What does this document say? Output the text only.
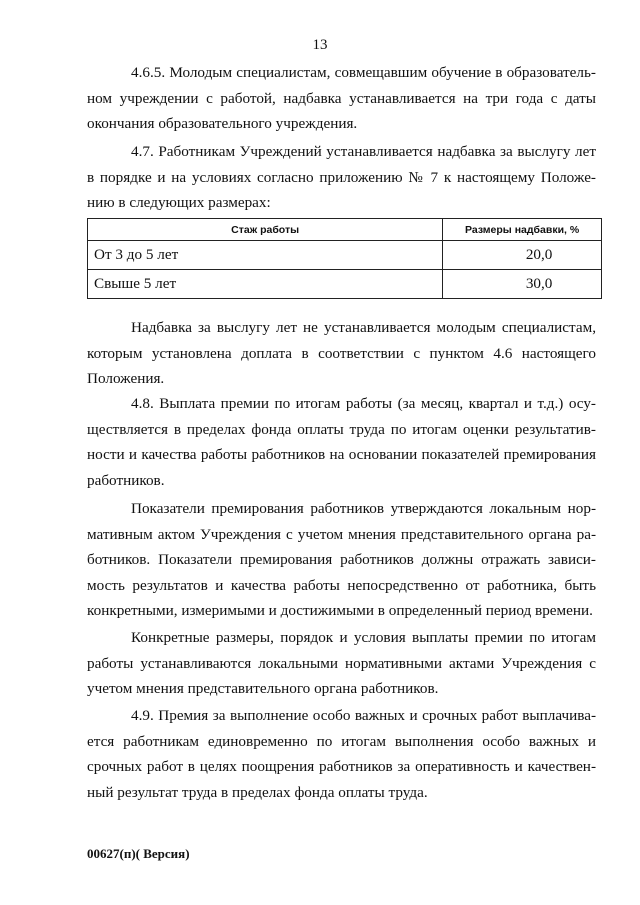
13

4.6.5. Молодым специалистам, совмещавшим обучение в образователь-
ном учреждении с работой, надбавка устанавливается на три года с даты
окончания образовательного учреждения.

4.7. Работникам Учреждений устанавливается надбавка за выслугу лет
в порядке и на условиях согласно приложению № 7 к настоящему Положе-
нию в следующих размерах:

Стаж работы	Размеры надбавки, %
От 3 до 5 лет	20,0
Свыше 5 лет	30,0

Надбавка за выслугу лет не устанавливается молодым специалистам,
которым установлена доплата в соответствии с пунктом 4.6 настоящего
Положения.

4.8. Выплата премии по итогам работы (за месяц, квартал и т.д.) осу-
ществляется в пределах фонда оплаты труда по итогам оценки результатив-
ности и качества работы работников на основании показателей премирования
работников.

Показатели премирования работников утверждаются локальным нор-
мативным актом Учреждения с учетом мнения представительного органа ра-
ботников. Показатели премирования работников должны отражать зависи-
мость результатов и качества работы непосредственно от работника, быть
конкретными, измеримыми и достижимыми в определенный период времени.

Конкретные размеры, порядок и условия выплаты премии по итогам
работы устанавливаются локальными нормативными актами Учреждения с
учетом мнения представительного органа работников.

4.9. Премия за выполнение особо важных и срочных работ выплачива-
ется работникам единовременно по итогам выполнения особо важных и
срочных работ в целях поощрения работников за оперативность и качествен-
ный результат труда в пределах фонда оплаты труда.

00627(п)( Версия)
